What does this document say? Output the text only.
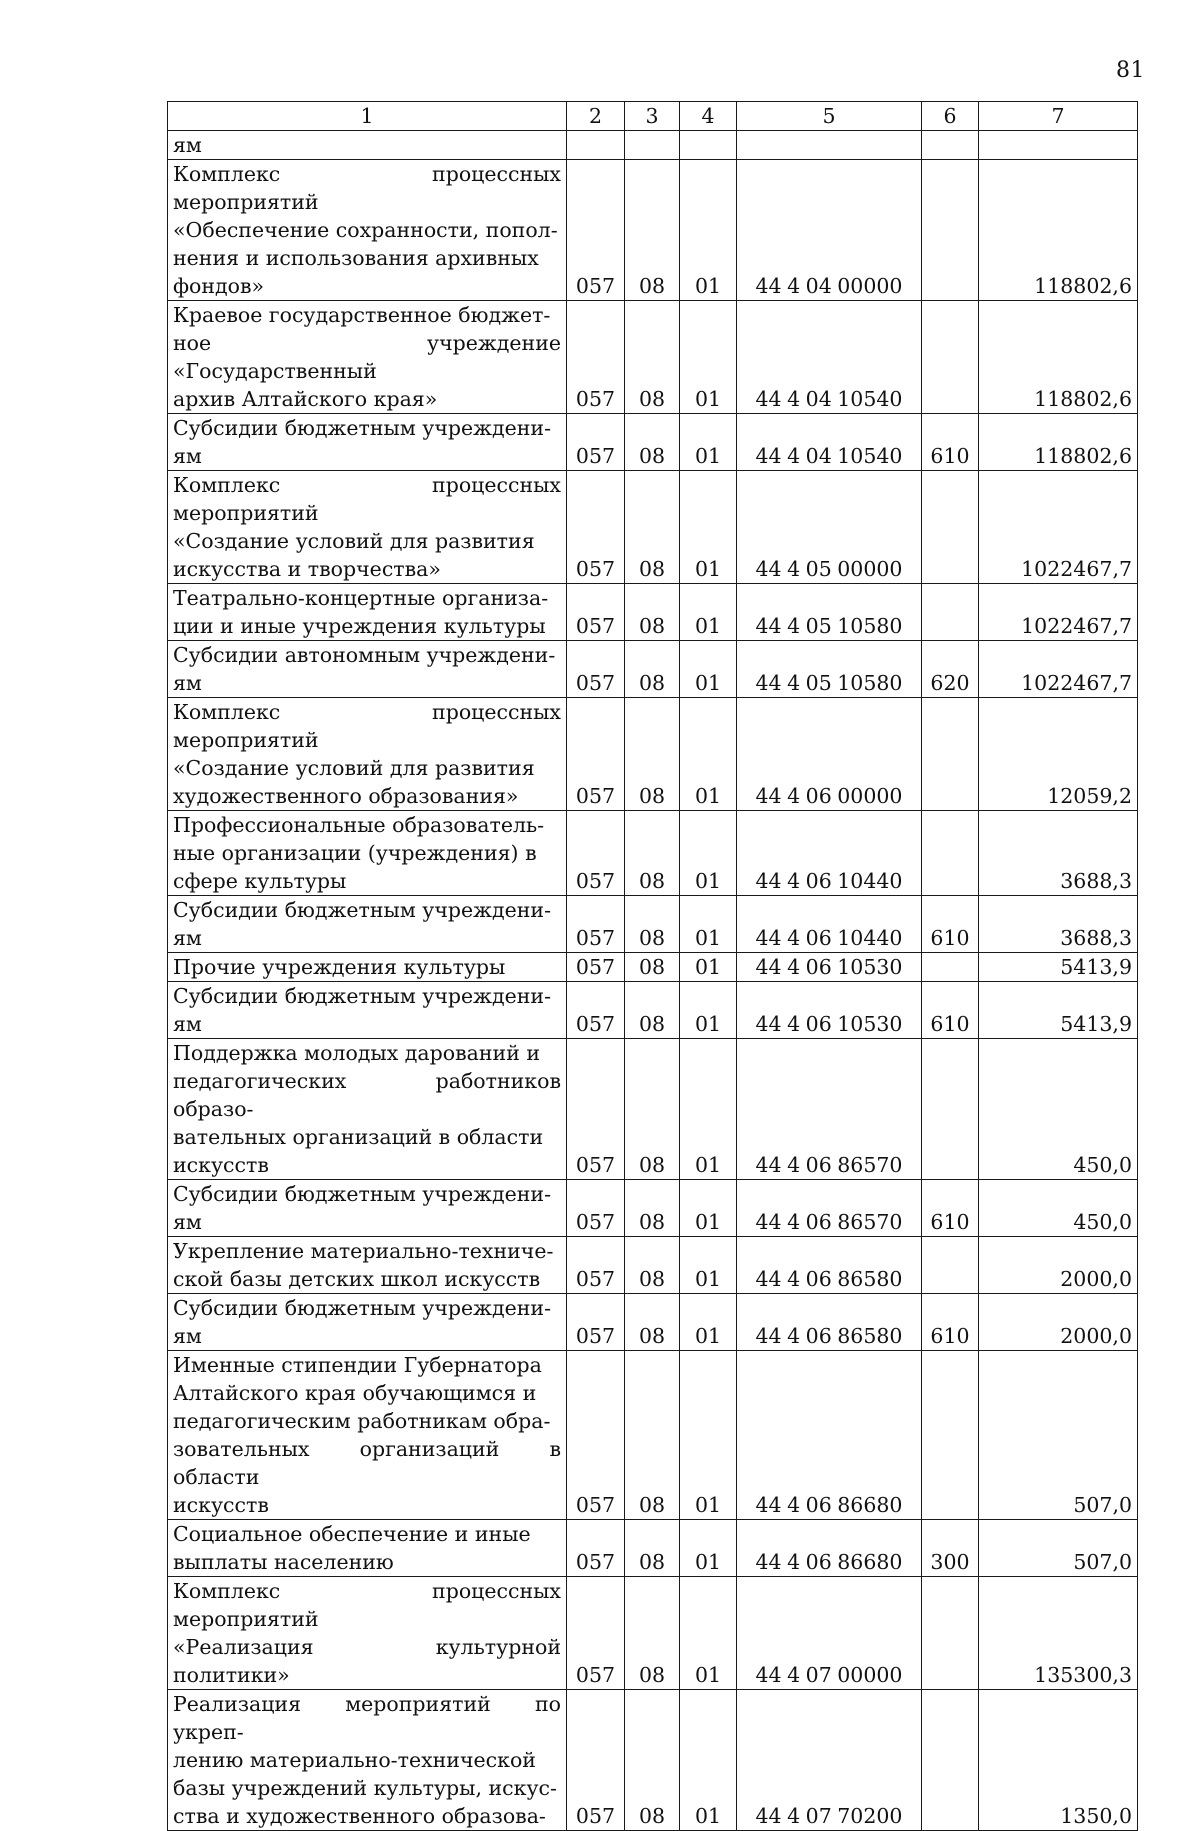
81
1	2	3	4	5	6	7
ям						
Комплекс процессных мероприятий
«Обеспечение сохранности, попол-
нения и использования архивных
фондов»	057	08	01	44 4 04 00000		118802,6
Краевое государственное бюджет-
ное учреждение «Государственный
архив Алтайского края»	057	08	01	44 4 04 10540		118802,6
Субсидии бюджетным учреждени-
ям	057	08	01	44 4 04 10540	610	118802,6
Комплекс процессных мероприятий
«Создание условий для развития
искусства и творчества»	057	08	01	44 4 05 00000		1022467,7
Театрально-концертные организа-
ции и иные учреждения культуры	057	08	01	44 4 05 10580		1022467,7
Субсидии автономным учреждени-
ям	057	08	01	44 4 05 10580	620	1022467,7
Комплекс процессных мероприятий
«Создание условий для развития
художественного образования»	057	08	01	44 4 06 00000		12059,2
Профессиональные образователь-
ные организации (учреждения) в
сфере культуры	057	08	01	44 4 06 10440		3688,3
Субсидии бюджетным учреждени-
ям	057	08	01	44 4 06 10440	610	3688,3
Прочие учреждения культуры	057	08	01	44 4 06 10530		5413,9
Субсидии бюджетным учреждени-
ям	057	08	01	44 4 06 10530	610	5413,9
Поддержка молодых дарований и
педагогических работников образо-
вательных организаций в области
искусств	057	08	01	44 4 06 86570		450,0
Субсидии бюджетным учреждени-
ям	057	08	01	44 4 06 86570	610	450,0
Укрепление материально-техниче-
ской базы детских школ искусств	057	08	01	44 4 06 86580		2000,0
Субсидии бюджетным учреждени-
ям	057	08	01	44 4 06 86580	610	2000,0
Именные стипендии Губернатора
Алтайского края обучающимся и
педагогическим работникам обра-
зовательных организаций в области
искусств	057	08	01	44 4 06 86680		507,0
Социальное обеспечение и иные
выплаты населению	057	08	01	44 4 06 86680	300	507,0
Комплекс процессных мероприятий
«Реализация культурной политики»	057	08	01	44 4 07 00000		135300,3
Реализация мероприятий по укреп-
лению материально-технической
базы учреждений культуры, искус-
ства и художественного образова-	057	08	01	44 4 07 70200		1350,0
